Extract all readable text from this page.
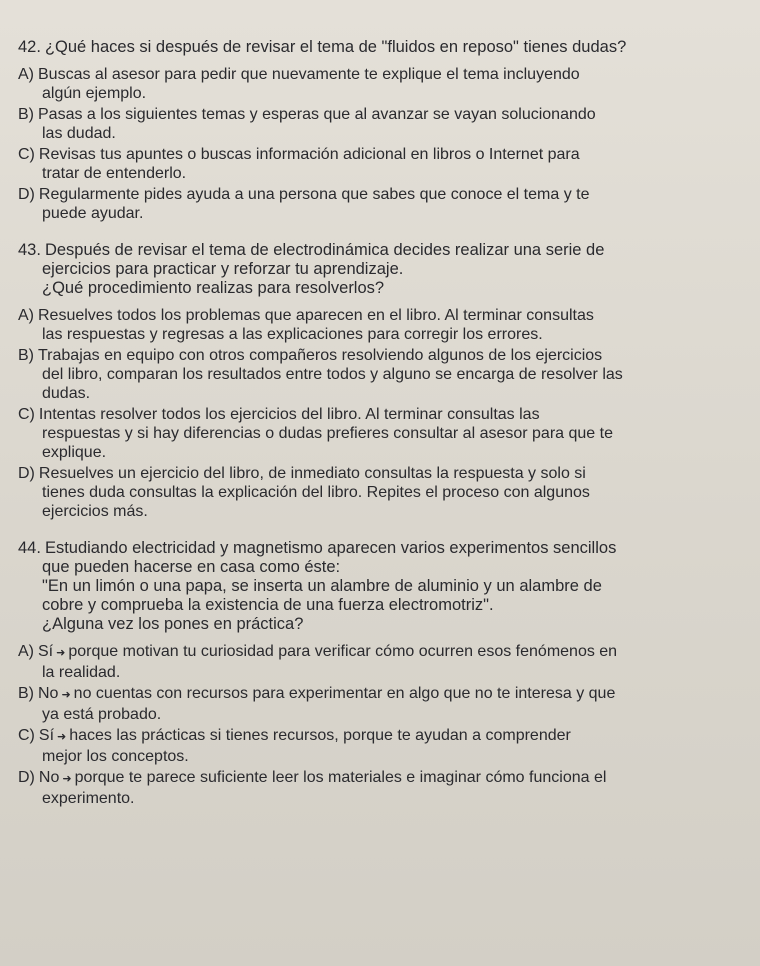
42. ¿Qué haces si después de revisar el tema de "fluidos en reposo" tienes dudas?

A) Buscas al asesor para pedir que nuevamente te explique el tema incluyendo
algún ejemplo.

B) Pasas a los siguientes temas y esperas que al avanzar se vayan solucionando
las dudad.

C) Revisas tus apuntes o buscas información adicional en libros o Internet para
tratar de entenderlo.

D) Regularmente pides ayuda a una persona que sabes que conoce el tema y te
puede ayudar.

43. Después de revisar el tema de electrodinámica decides realizar una serie de
ejercicios para practicar y reforzar tu aprendizaje.
¿Qué procedimiento realizas para resolverlos?

A) Resuelves todos los problemas que aparecen en el libro. Al terminar consultas
las respuestas y regresas a las explicaciones para corregir los errores.

B) Trabajas en equipo con otros compañeros resolviendo algunos de los ejercicios
del libro, comparan los resultados entre todos y alguno se encarga de resolver las
dudas.

C) Intentas resolver todos los ejercicios del libro. Al terminar consultas las
respuestas y si hay diferencias o dudas prefieres consultar al asesor para que te
explique.

D) Resuelves un ejercicio del libro, de inmediato consultas la respuesta y solo si
tienes duda consultas la explicación del libro. Repites el proceso con algunos
ejercicios más.

44. Estudiando electricidad y magnetismo aparecen varios experimentos sencillos
que pueden hacerse en casa como éste:
"En un limón o una papa, se inserta un alambre de aluminio y un alambre de
cobre y comprueba la existencia de una fuerza electromotriz".
¿Alguna vez los pones en práctica?

A) Sí ➜ porque motivan tu curiosidad para verificar cómo ocurren esos fenómenos en
la realidad.

B) No ➜ no cuentas con recursos para experimentar en algo que no te interesa y que
ya está probado.

C) Sí ➜ haces las prácticas si tienes recursos, porque te ayudan a comprender
mejor los conceptos.

D) No ➜ porque te parece suficiente leer los materiales e imaginar cómo funciona el
experimento.
